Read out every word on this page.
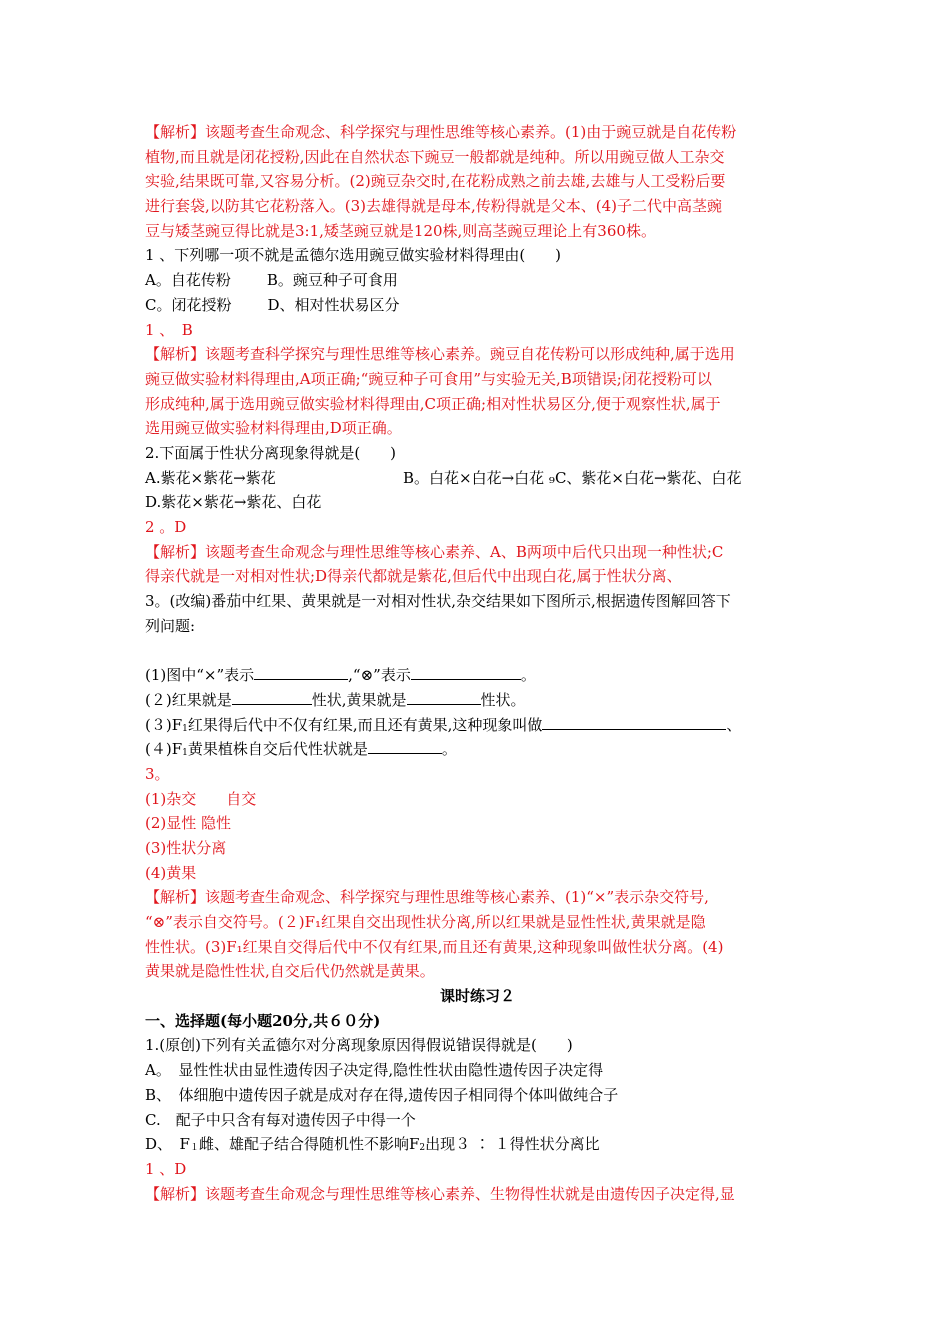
【解析】该题考查生命观念、科学探究与理性思维等核心素养。(1)由于豌豆就是自花传粉
植物,而且就是闭花授粉,因此在自然状态下豌豆一般都就是纯种。所以用豌豆做人工杂交
实验,结果既可靠,又容易分析。(2)豌豆杂交时,在花粉成熟之前去雄,去雄与人工受粉后要
进行套袋,以防其它花粉落入。(3)去雄得就是母本,传粉得就是父本、(4)子二代中高茎豌
豆与矮茎豌豆得比就是3:1,矮茎豌豆就是120株,则高茎豌豆理论上有360株。
1 、下列哪一项不就是孟德尔选用豌豆做实验材料得理由(　　)
A。自花传粉 B。豌豆种子可食用
C。闭花授粉 D、相对性状易区分
1 、　B
【解析】该题考查科学探究与理性思维等核心素养。豌豆自花传粉可以形成纯种,属于选用
豌豆做实验材料得理由,A项正确;“豌豆种子可食用”与实验无关,B项错误;闭花授粉可以
形成纯种,属于选用豌豆做实验材料得理由,C项正确;相对性状易区分,便于观察性状,属于
选用豌豆做实验材料得理由,D项正确。
2.下面属于性状分离现象得就是(　　)
A.紫花×紫花→紫花	B。白花×白花→白花 ₉C、紫花×白花→紫花、白花
D.紫花×紫花→紫花、白花
2 。D
【解析】该题考查生命观念与理性思维等核心素养、A、B两项中后代只出现一种性状;C
得亲代就是一对相对性状;D得亲代都就是紫花,但后代中出现白花,属于性状分离、
3。(改编)番茄中红果、黄果就是一对相对性状,杂交结果如下图所示,根据遗传图解回答下
列问题:
(1)图中“×”表示	,“⊗”表示	。
(２)红果就是	性状,黄果就是	性状。
$(3)F_1$红果得后代中不仅有红果,而且还有黄果,这种现象叫做	、
$(4)F_1$黄果植株自交后代性状就是	。
3。
(1)杂交　　自交
(2)显性 隐性
(3)性状分离
(4)黄果
【解析】该题考查生命观念、科学探究与理性思维等核心素养、(1)“×”表示杂交符号,
“⊗”表示自交符号。(２)F₁红果自交出现性状分离,所以红果就是显性性状,黄果就是隐
性性状。(3)F₁红果自交得后代中不仅有红果,而且还有黄果,这种现象叫做性状分离。(4)
黄果就是隐性性状,自交后代仍然就是黄果。
课时练习２
一、选择题(每小题20分,共６０分)
1.(原创)下列有关孟德尔对分离现象原因得假说错误得就是(　　)
A。　显性性状由显性遗传因子决定得,隐性性状由隐性遗传因子决定得
B、　体细胞中遗传因子就是成对存在得,遗传因子相同得个体叫做纯合子
C.　配子中只含有每对遗传因子中得一个
D、　$F_1$雌、雄配子结合得随机性不影响$F_2$出现３ ∶ １得性状分离比
1 、D
【解析】该题考查生命观念与理性思维等核心素养、生物得性状就是由遗传因子决定得,显
